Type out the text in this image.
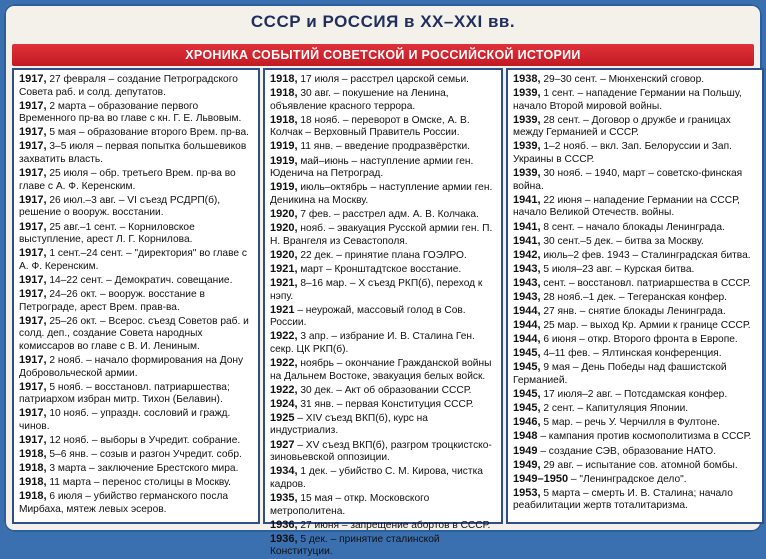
СССР и РОССИЯ в XX–XXI вв.
ХРОНИКА СОБЫТИЙ СОВЕТСКОЙ И РОССИЙСКОЙ ИСТОРИИ
1917, 27 февраля – создание Петроградского Совета раб. и солд. депутатов.
1917, 2 марта – образование первого Временного пр-ва во главе с кн. Г. Е. Львовым.
1917, 5 мая – образование второго Врем. пр-ва.
1917, 3–5 июля – первая попытка большевиков захватить власть.
1917, 25 июля – обр. третьего Врем. пр-ва во главе с А. Ф. Керенским.
1917, 26 июл.–3 авг. – VI съезд РСДРП(б), решение о вооруж. восстании.
1917, 25 авг.–1 сент. – Корниловское выступление, арест Л. Г. Корнилова.
1917, 1 сент.–24 сент. – "директория" во главе с А. Ф. Керенским.
1917, 14–22 сент. – Демократич. совещание.
1917, 24–26 окт. – вооруж. восстание в Петрограде, арест Врем. прав-ва.
1917, 25–26 окт. – Всерос. съезд Советов раб. и солд. деп., создание Совета народных комиссаров во главе с В. И. Лениным.
1917, 2 нояб. – начало формирования на Дону Добровольческой армии.
1917, 5 нояб. – восстановл. патриаршества; патриархом избран митр. Тихон (Белавин).
1917, 10 нояб. – упраздн. сословий и гражд. чинов.
1917, 12 нояб. – выборы в Учредит. собрание.
1918, 5–6 янв. – созыв и разгон Учредит. собр.
1918, 3 марта – заключение Брестского мира.
1918, 11 марта – перенос столицы в Москву.
1918, 6 июля – убийство германского посла Мирбаха, мятеж левых эсеров.
1918, 17 июля – расстрел царской семьи.
1918, 30 авг. – покушение на Ленина, объявление красного террора.
1918, 18 нояб. – переворот в Омске, А. В. Колчак – Верховный Правитель России.
1919, 11 янв. – введение продразвёрстки.
1919, май–июнь – наступление армии ген. Юденича на Петроград.
1919, июль–октябрь – наступление армии ген. Деникина на Москву.
1920, 7 фев. – расстрел адм. А. В. Колчака.
1920, нояб. – эвакуация Русской армии ген. П. Н. Врангеля из Севастополя.
1920, 22 дек. – принятие плана ГОЭЛРО.
1921, март – Кронштадтское восстание.
1921, 8–16 мар. – Х съезд РКП(б), переход к нэпу.
1921 – неурожай, массовый голод в Сов. России.
1922, 3 апр. – избрание И. В. Сталина Ген. секр. ЦК РКП(б).
1922, ноябрь – окончание Гражданской войны на Дальнем Востоке, эвакуация белых войск.
1922, 30 дек. – Акт об образовании СССР.
1924, 31 янв. – первая Конституция СССР.
1925 – XIV съезд ВКП(б), курс на индустриализ.
1927 – XV съезд ВКП(б), разгром троцкистско-зиновьевской оппозиции.
1934, 1 дек. – убийство С. М. Кирова, чистка кадров.
1935, 15 мая – откр. Московского метрополитена.
1936, 27 июня – запрещение абортов в СССР.
1936, 5 дек. – принятие сталинской Конституции.
1938, 29–30 сент. – Мюнхенский сговор.
1939, 1 сент. – нападение Германии на Польшу, начало Второй мировой войны.
1939, 28 сент. – Договор о дружбе и границах между Германией и СССР.
1939, 1–2 нояб. – вкл. Зап. Белоруссии и Зап. Украины в СССР.
1939, 30 нояб. – 1940, март – советско-финская война.
1941, 22 июня – нападение Германии на СССР, начало Великой Отечеств. войны.
1941, 8 сент. – начало блокады Ленинграда.
1941, 30 сент.–5 дек. – битва за Москву.
1942, июль–2 фев. 1943 – Сталинградская битва.
1943, 5 июля–23 авг. – Курская битва.
1943, сент. – восстановл. патриаршества в СССР.
1943, 28 нояб.–1 дек. – Тегеранская конфер.
1944, 27 янв. – снятие блокады Ленинграда.
1944, 25 мар. – выход Кр. Армии к границе СССР.
1944, 6 июня – откр. Второго фронта в Европе.
1945, 4–11 фев. – Ялтинская конференция.
1945, 9 мая – День Победы над фашистской Германией.
1945, 17 июля–2 авг. – Потсдамская конфер.
1945, 2 сент. – Капитуляция Японии.
1946, 5 мар. – речь У. Черчилля в Фултоне.
1948 – кампания против космополитизма в СССР.
1949 – создание СЭВ, образование НАТО.
1949, 29 авг. – испытание сов. атомной бомбы.
1949–1950 – "Ленинградское дело".
1953, 5 марта – смерть И. В. Сталина; начало реабилитации жертв тоталитаризма.
